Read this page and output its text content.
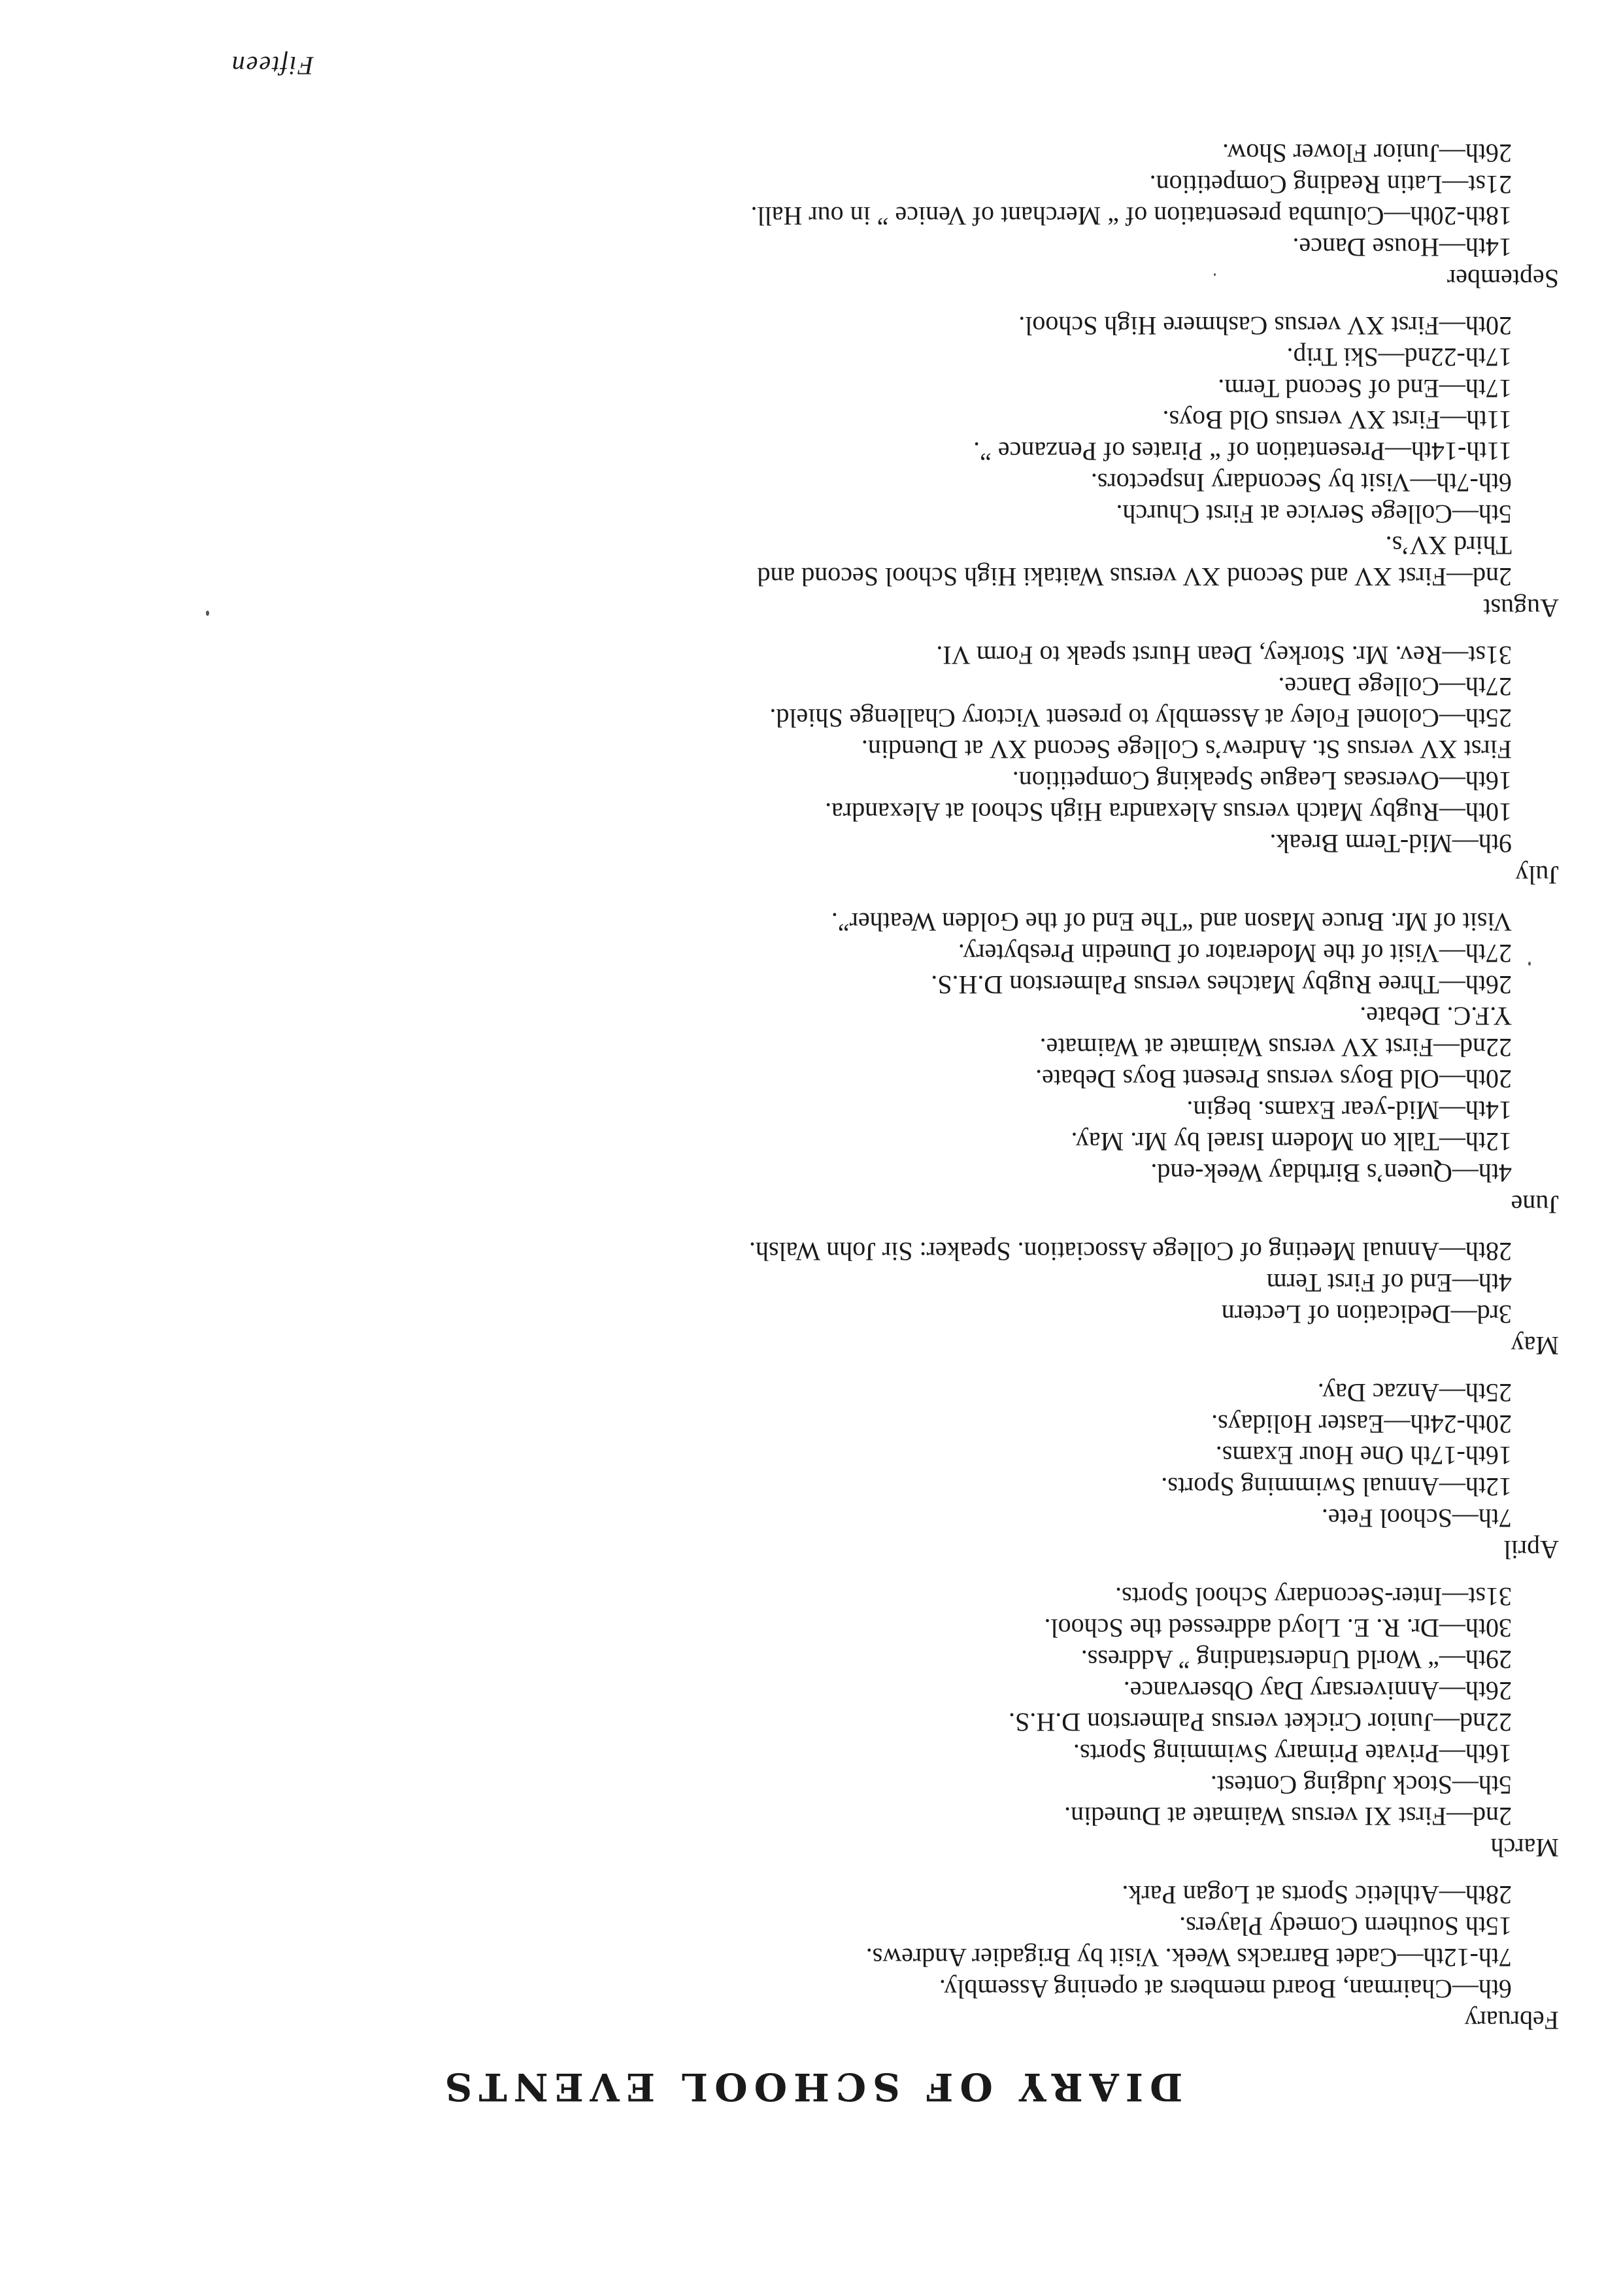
DIARY OF SCHOOL EVENTS

February

6th—Chairman, Board members at opening Assembly.

7th-12th—Cadet Barracks Week. Visit by Brigadier Andrews.

15th Southern Comedy Players.

28th—Athletic Sports at Logan Park.

March

2nd—First XI versus Waimate at Dunedin.

5th—Stock Judging Contest.

16th—Private Primary Swimming Sports.

22nd—Junior Cricket versus Palmerston D.H.S.

26th—Anniversary Day Observance.

29th—“ World Understanding ” Address.

30th—Dr. R. E. Lloyd addressed the School.

31st—Inter-Secondary School Sports.

April

7th—School Fete.

12th—Annual Swimming Sports.

16th-17th One Hour Exams.

20th-24th—Easter Holidays.

25th—Anzac Day.

May

3rd—Dedication of Lectern

4th—End of First Term

28th—Annual Meeting of College Association. Speaker: Sir John Walsh.

June

4th—Queen’s Birthday Week-end.

12th—Talk on Modern Israel by Mr. May.

14th—Mid-year Exams. begin.

20th—Old Boys versus Present Boys Debate.

22nd—First XV versus Waimate at Waimate.

Y.F.C. Debate.

26th—Three Rugby Matches versus Palmerston D.H.S.

27th—Visit of the Moderator of Dunedin Presbytery.

Visit of Mr. Bruce Mason and “The End of the Golden Weather”.

July

9th—Mid-Term Break.

10th—Rugby Match versus Alexandra High School at Alexandra.

16th—Overseas League Speaking Competition.

First XV versus St. Andrew’s College Second XV at Duendin.

25th—Colonel Foley at Assembly to present Victory Challenge Shield.

27th—College Dance.

31st—Rev. Mr. Storkey, Dean Hurst speak to Form VI.

August

2nd—First XV and Second XV versus Waitaki High School Second and

Third XV’s.

5th—College Service at First Church.

6th-7th—Visit by Secondary Inspectors.

11th-14th—Presentation of “ Pirates of Penzance ”.

11th—First XV versus Old Boys.

17th—End of Second Term.

17th-22nd—Ski Trip.

20th—First XV versus Cashmere High School.

September

14th—House Dance.

18th-20th—Columba presentation of “ Merchant of Venice ” in our Hall.

21st—Latin Reading Competition.

26th—Junior Flower Show.

Fifteen
